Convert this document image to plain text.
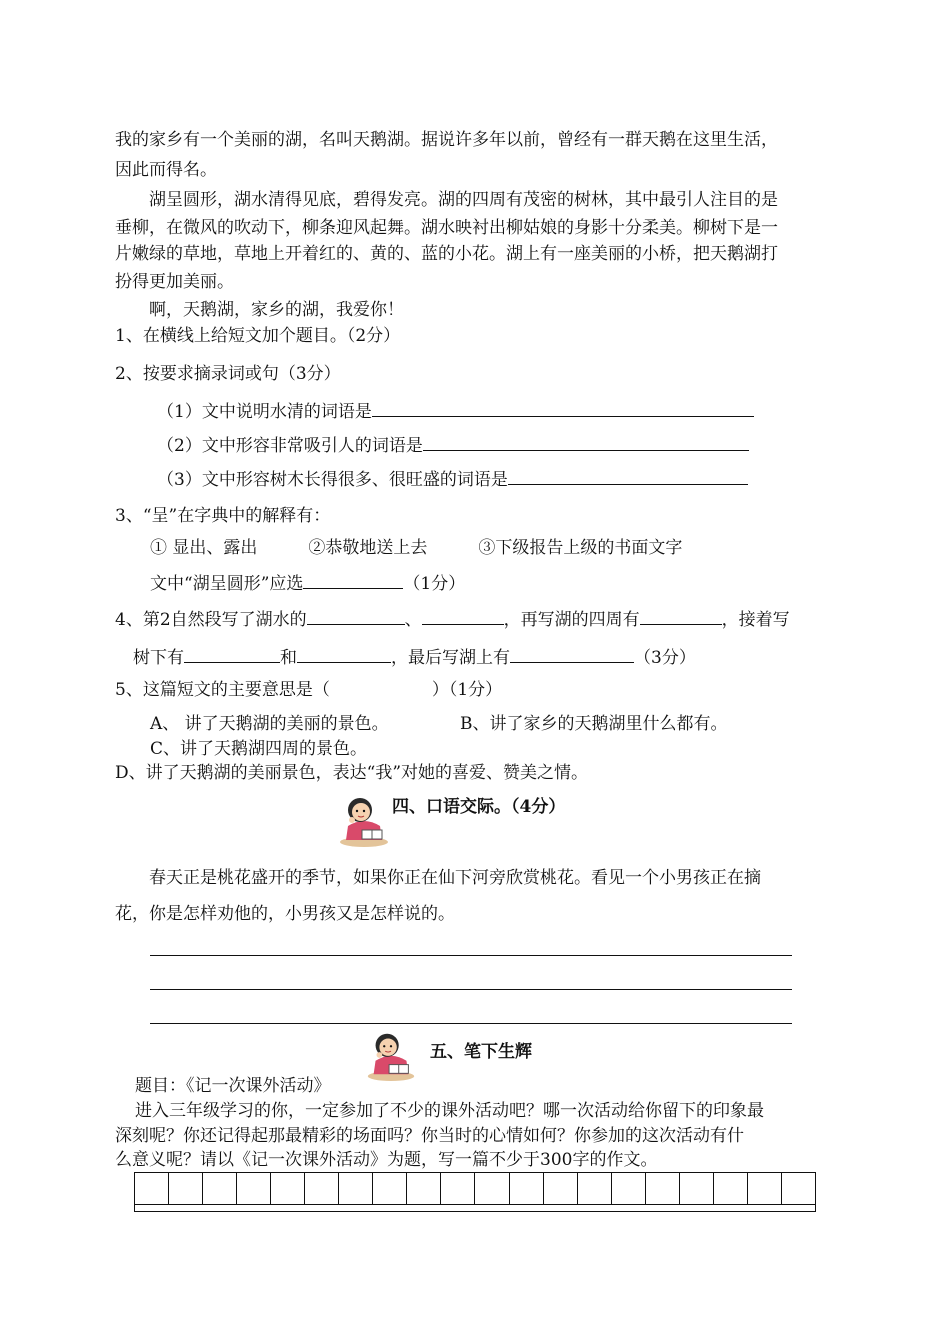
我的家乡有一个美丽的湖，名叫天鹅湖。据说许多年以前，曾经有一群天鹅在这里生活，
因此而得名。
湖呈圆形，湖水清得见底，碧得发亮。湖的四周有茂密的树林，其中最引人注目的是
垂柳，在微风的吹动下，柳条迎风起舞。湖水映衬出柳姑娘的身影十分柔美。柳树下是一
片嫩绿的草地，草地上开着红的、黄的、蓝的小花。湖上有一座美丽的小桥，把天鹅湖打
扮得更加美丽。
啊，天鹅湖，家乡的湖，我爱你！
1、在横线上给短文加个题目。（2分）
2、按要求摘录词或句（3分）
（1）文中说明水清的词语是
（2）文中形容非常吸引人的词语是
（3）文中形容树木长得很多、很旺盛的词语是
3、“呈”在字典中的解释有：
① 显出、露出　　　②恭敬地送上去　　　③下级报告上级的书面文字
文中“湖呈圆形”应选	（1分）
4、第2自然段写了湖水的	、	，再写湖的四周有	，接着写
树下有	和	，最后写湖上有	（3分）
5、这篇短文的主要意思是（　　　　　　）（1分）
A、 讲了天鹅湖的美丽的景色。	B、讲了家乡的天鹅湖里什么都有。
C、讲了天鹅湖四周的景色。
D、讲了天鹅湖的美丽景色，表达“我”对她的喜爱、赞美之情。
四、口语交际。（4分）
春天正是桃花盛开的季节，如果你正在仙下河旁欣赏桃花。看见一个小男孩正在摘
花，你是怎样劝他的，小男孩又是怎样说的。
五、笔下生辉
题目：《记一次课外活动》
进入三年级学习的你，一定参加了不少的课外活动吧？哪一次活动给你留下的印象最
深刻呢？你还记得起那最精彩的场面吗？你当时的心情如何？你参加的这次活动有什
么意义呢？请以《记一次课外活动》为题，写一篇不少于300字的作文。
